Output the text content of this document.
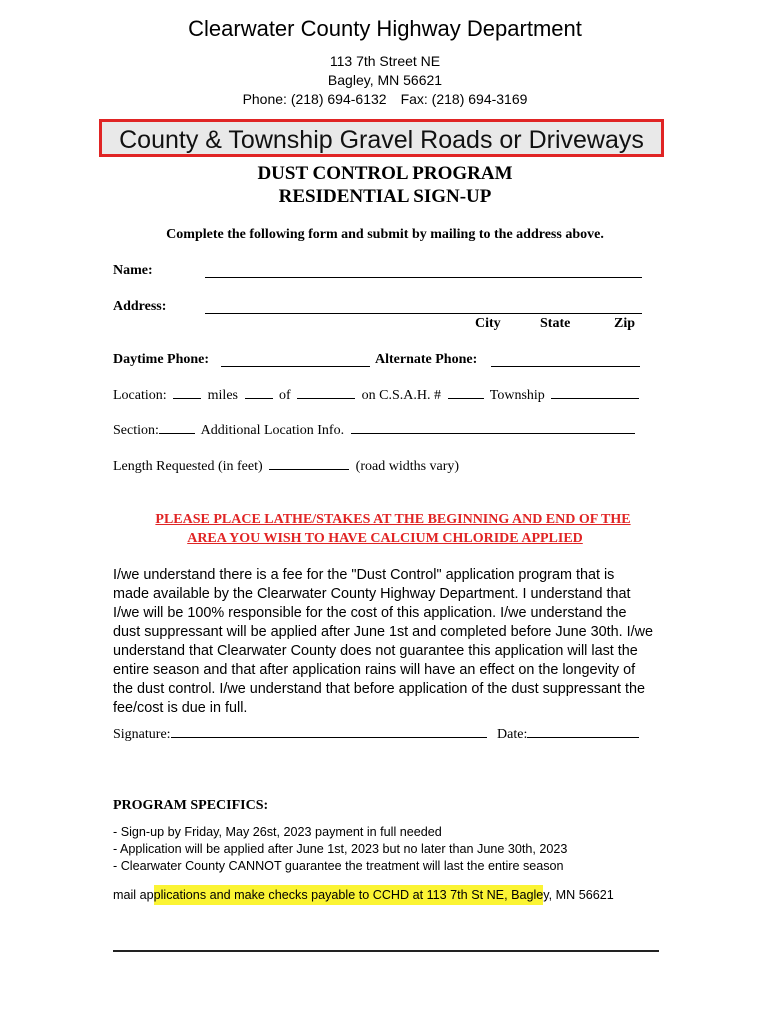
Clearwater County Highway Department
113 7th Street NE
Bagley, MN 56621
Phone: (218) 694-6132 Fax: (218) 694-3169
County & Township Gravel Roads or Driveways
DUST CONTROL PROGRAM
RESIDENTIAL SIGN-UP
Complete the following form and submit by mailing to the address above.
Name:
Address:
City	State	Zip
Daytime Phone:	Alternate Phone:
Location:	miles	of	on C.S.A.H. #	Township
Section:	Additional Location Info.
Length Requested (in feet)	(road widths vary)
PLEASE PLACE LATHE/STAKES AT THE BEGINNING AND END OF THE
AREA YOU WISH TO HAVE CALCIUM CHLORIDE APPLIED
I/we understand there is a fee for the "Dust Control" application program that is made available by the Clearwater County Highway Department. I understand that I/we will be 100% responsible for the cost of this application. I/we understand the dust suppressant will be applied after June 1st and completed before June 30th. I/we understand that Clearwater County does not guarantee this application will last the entire season and that after application rains will have an effect on the longevity of the dust control. I/we understand that before application of the dust suppressant the fee/cost is due in full.
Signature:	Date:
PROGRAM SPECIFICS:
- Sign-up by Friday, May 26st, 2023 payment in full needed
- Application will be applied after June 1st, 2023 but no later than June 30th, 2023
- Clearwater County CANNOT guarantee the treatment will last the entire season
mail applications and make checks payable to CCHD at 113 7th St NE, Bagley, MN 56621
